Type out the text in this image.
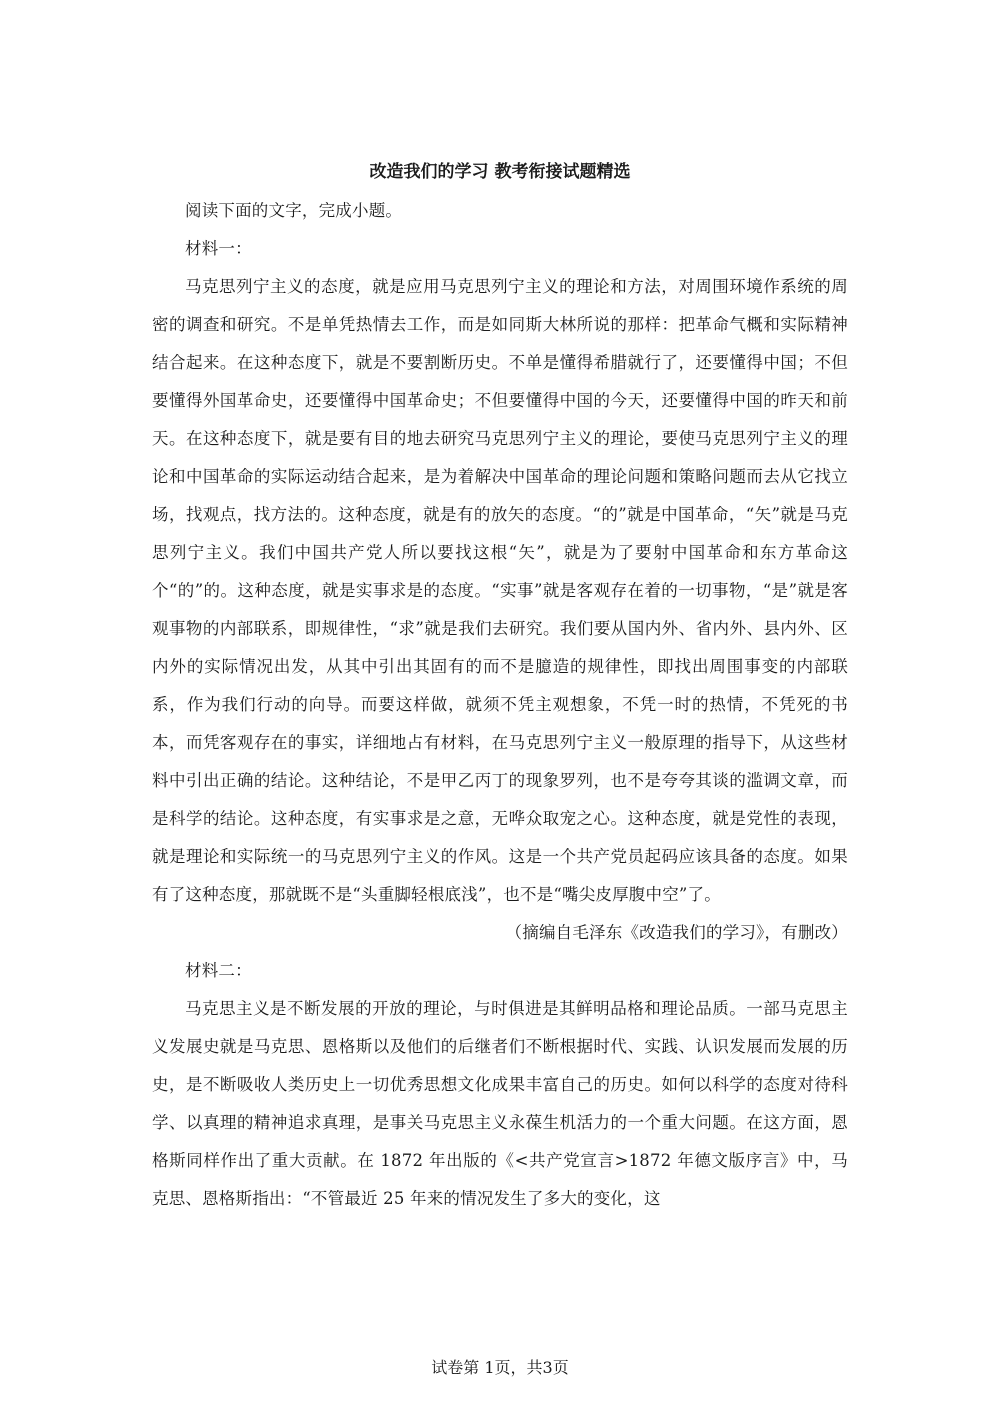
改造我们的学习 教考衔接试题精选

阅读下面的文字，完成小题。

材料一：

马克思列宁主义的态度，就是应用马克思列宁主义的理论和方法，对周围环境作系统的周密的调查和研究。不是单凭热情去工作，而是如同斯大林所说的那样：把革命气概和实际精神结合起来。在这种态度下，就是不要割断历史。不单是懂得希腊就行了，还要懂得中国；不但要懂得外国革命史，还要懂得中国革命史；不但要懂得中国的今天，还要懂得中国的昨天和前天。在这种态度下，就是要有目的地去研究马克思列宁主义的理论，要使马克思列宁主义的理论和中国革命的实际运动结合起来，是为着解决中国革命的理论问题和策略问题而去从它找立场，找观点，找方法的。这种态度，就是有的放矢的态度。“的”就是中国革命，“矢”就是马克思列宁主义。我们中国共产党人所以要找这根“矢”，就是为了要射中国革命和东方革命这个“的”的。这种态度，就是实事求是的态度。“实事”就是客观存在着的一切事物，“是”就是客观事物的内部联系，即规律性，“求”就是我们去研究。我们要从国内外、省内外、县内外、区内外的实际情况出发，从其中引出其固有的而不是臆造的规律性，即找出周围事变的内部联系，作为我们行动的向导。而要这样做，就须不凭主观想象，不凭一时的热情，不凭死的书本，而凭客观存在的事实，详细地占有材料，在马克思列宁主义一般原理的指导下，从这些材料中引出正确的结论。这种结论，不是甲乙丙丁的现象罗列，也不是夸夸其谈的滥调文章，而是科学的结论。这种态度，有实事求是之意，无哗众取宠之心。这种态度，就是党性的表现，就是理论和实际统一的马克思列宁主义的作风。这是一个共产党员起码应该具备的态度。如果有了这种态度，那就既不是“头重脚轻根底浅”，也不是“嘴尖皮厚腹中空”了。

（摘编自毛泽东《改造我们的学习》，有删改）

材料二：

马克思主义是不断发展的开放的理论，与时俱进是其鲜明品格和理论品质。一部马克思主义发展史就是马克思、恩格斯以及他们的后继者们不断根据时代、实践、认识发展而发展的历史，是不断吸收人类历史上一切优秀思想文化成果丰富自己的历史。如何以科学的态度对待科学、以真理的精神追求真理，是事关马克思主义永葆生机活力的一个重大问题。在这方面，恩格斯同样作出了重大贡献。在 1872 年出版的《<共产党宣言>1872 年德文版序言》中，马克思、恩格斯指出：“不管最近 25 年来的情况发生了多大的变化，这

试卷第 1页，共3页
